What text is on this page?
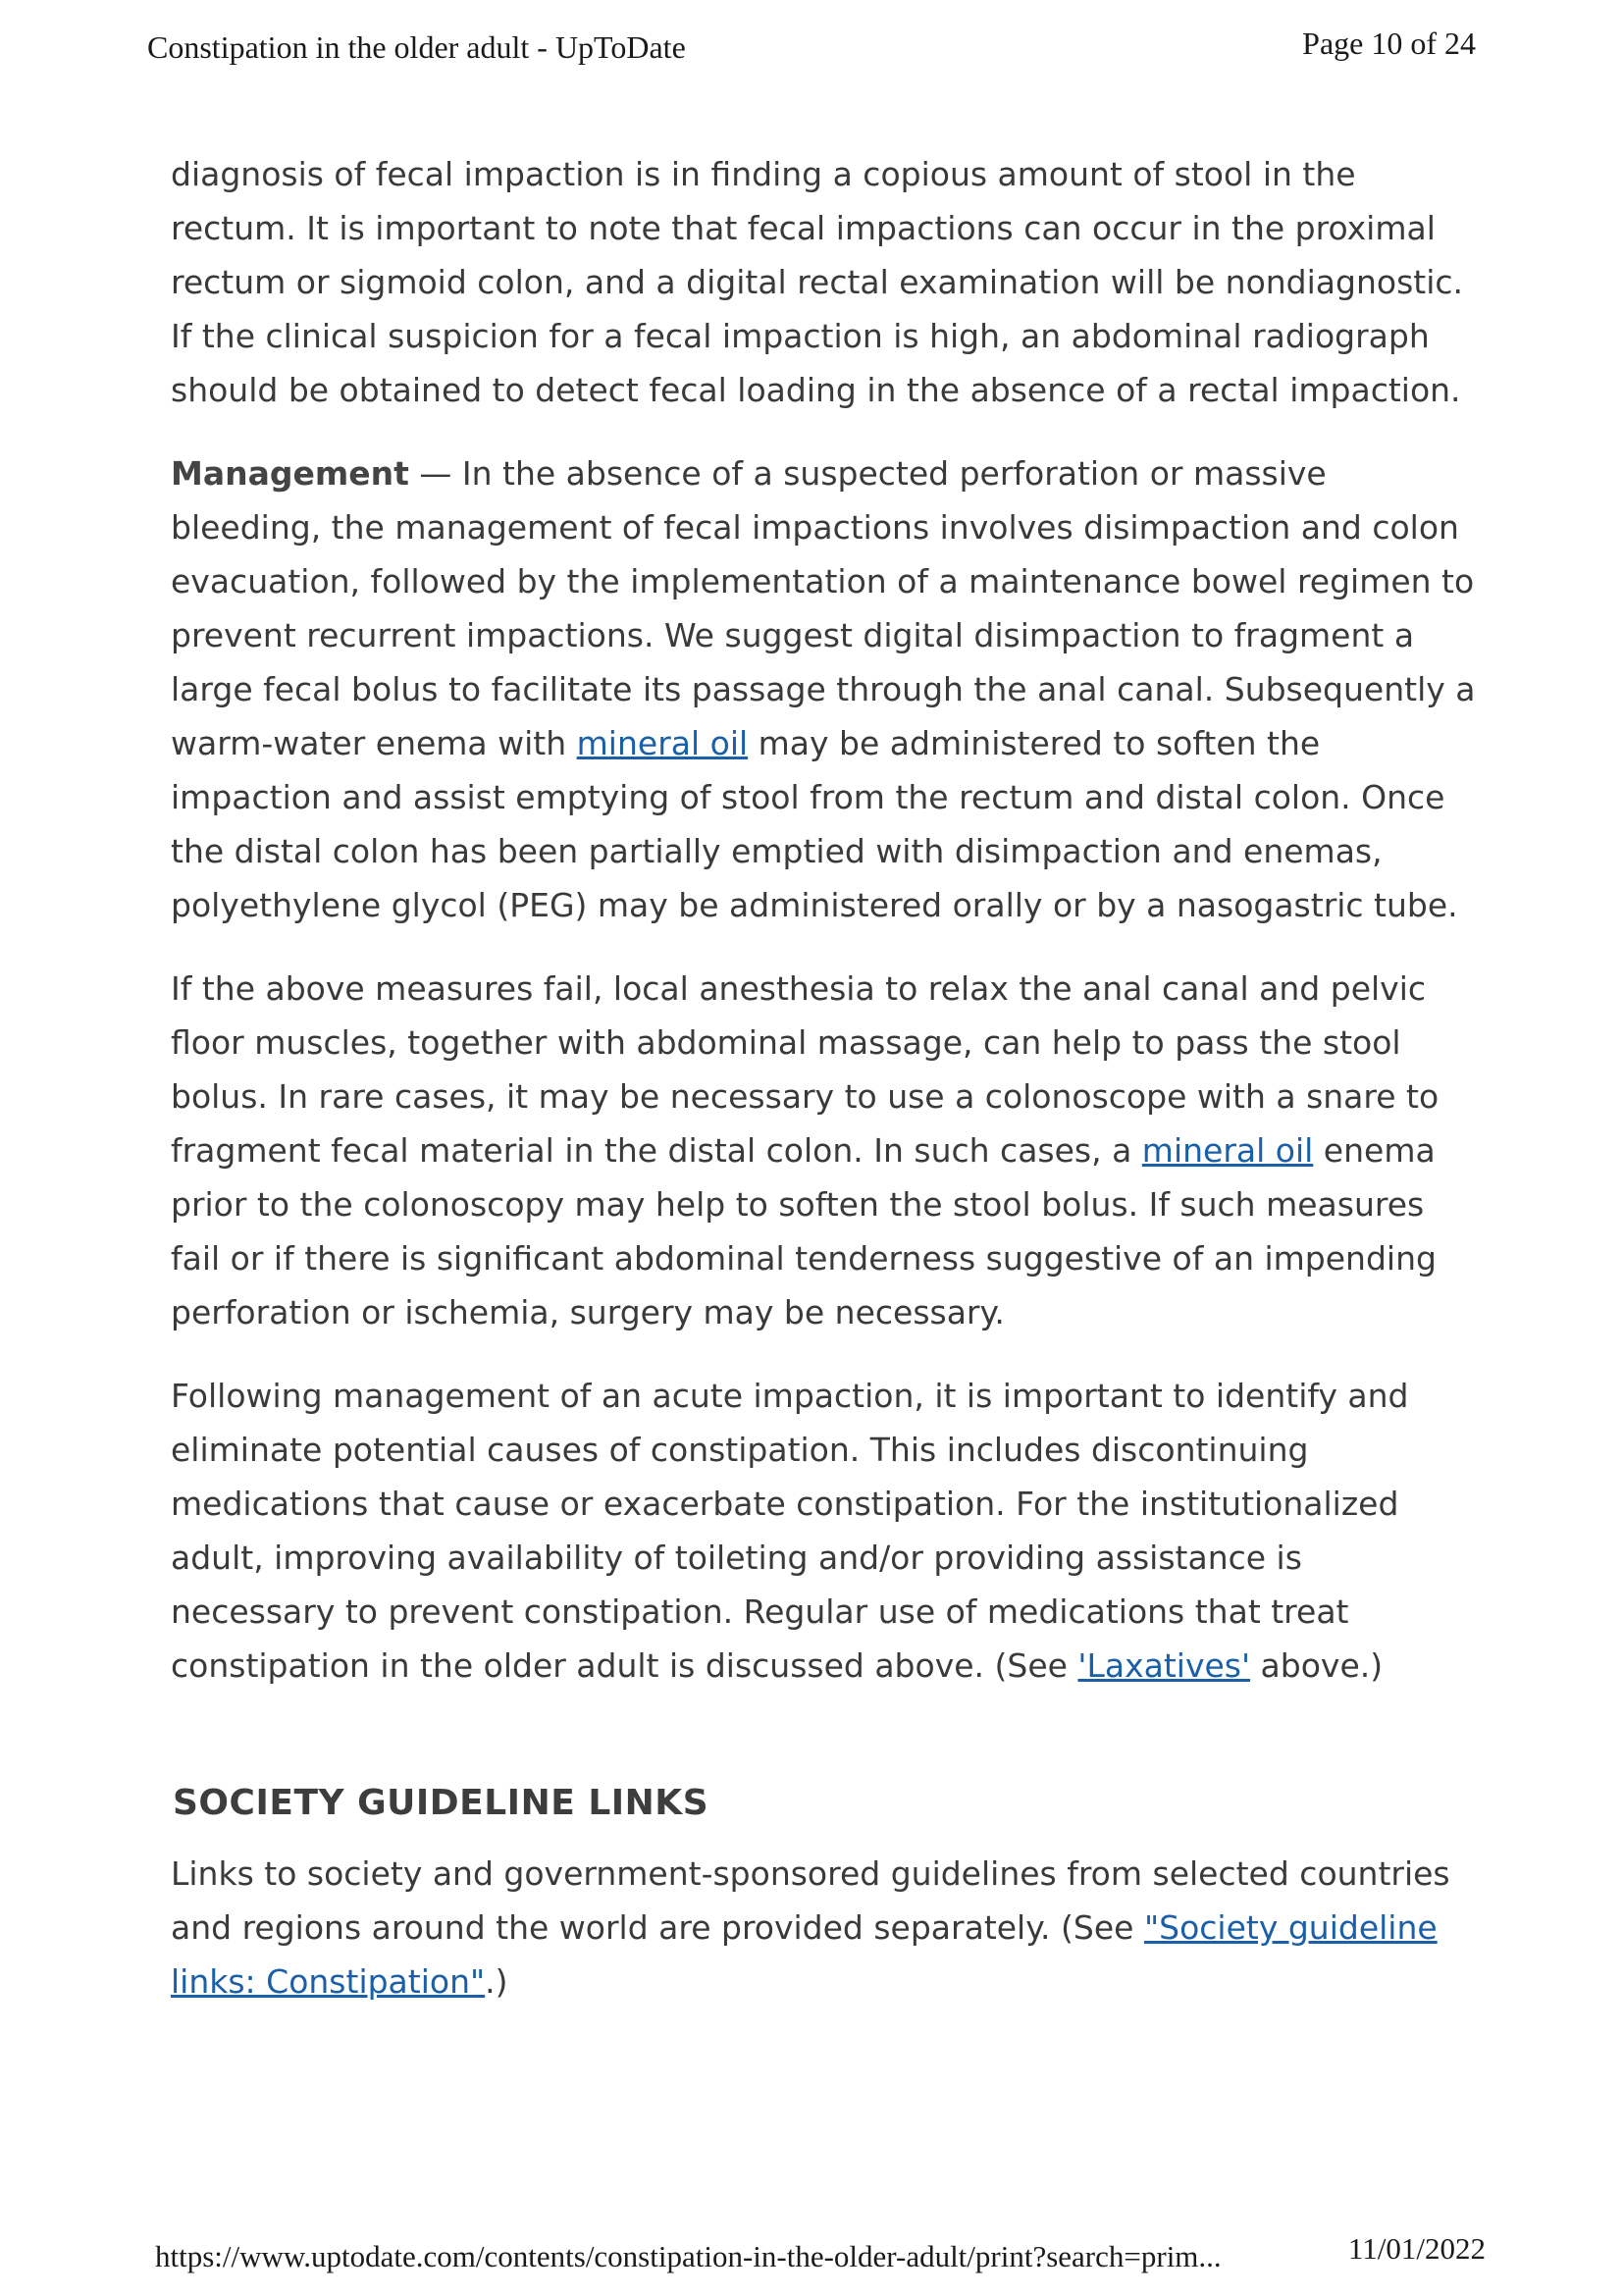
Constipation in the older adult - UpToDate	Page 10 of 24

diagnosis of fecal impaction is in finding a copious amount of stool in the rectum. It is important to note that fecal impactions can occur in the proximal rectum or sigmoid colon, and a digital rectal examination will be nondiagnostic. If the clinical suspicion for a fecal impaction is high, an abdominal radiograph should be obtained to detect fecal loading in the absence of a rectal impaction.

Management — In the absence of a suspected perforation or massive bleeding, the management of fecal impactions involves disimpaction and colon evacuation, followed by the implementation of a maintenance bowel regimen to prevent recurrent impactions. We suggest digital disimpaction to fragment a large fecal bolus to facilitate its passage through the anal canal. Subsequently a warm-water enema with mineral oil may be administered to soften the impaction and assist emptying of stool from the rectum and distal colon. Once the distal colon has been partially emptied with disimpaction and enemas, polyethylene glycol (PEG) may be administered orally or by a nasogastric tube.

If the above measures fail, local anesthesia to relax the anal canal and pelvic floor muscles, together with abdominal massage, can help to pass the stool bolus. In rare cases, it may be necessary to use a colonoscope with a snare to fragment fecal material in the distal colon. In such cases, a mineral oil enema prior to the colonoscopy may help to soften the stool bolus. If such measures fail or if there is significant abdominal tenderness suggestive of an impending perforation or ischemia, surgery may be necessary.

Following management of an acute impaction, it is important to identify and eliminate potential causes of constipation. This includes discontinuing medications that cause or exacerbate constipation. For the institutionalized adult, improving availability of toileting and/or providing assistance is necessary to prevent constipation. Regular use of medications that treat constipation in the older adult is discussed above. (See 'Laxatives' above.)

SOCIETY GUIDELINE LINKS

Links to society and government-sponsored guidelines from selected countries and regions around the world are provided separately. (See "Society guideline links: Constipation".)

https://www.uptodate.com/contents/constipation-in-the-older-adult/print?search=prim...	11/01/2022
